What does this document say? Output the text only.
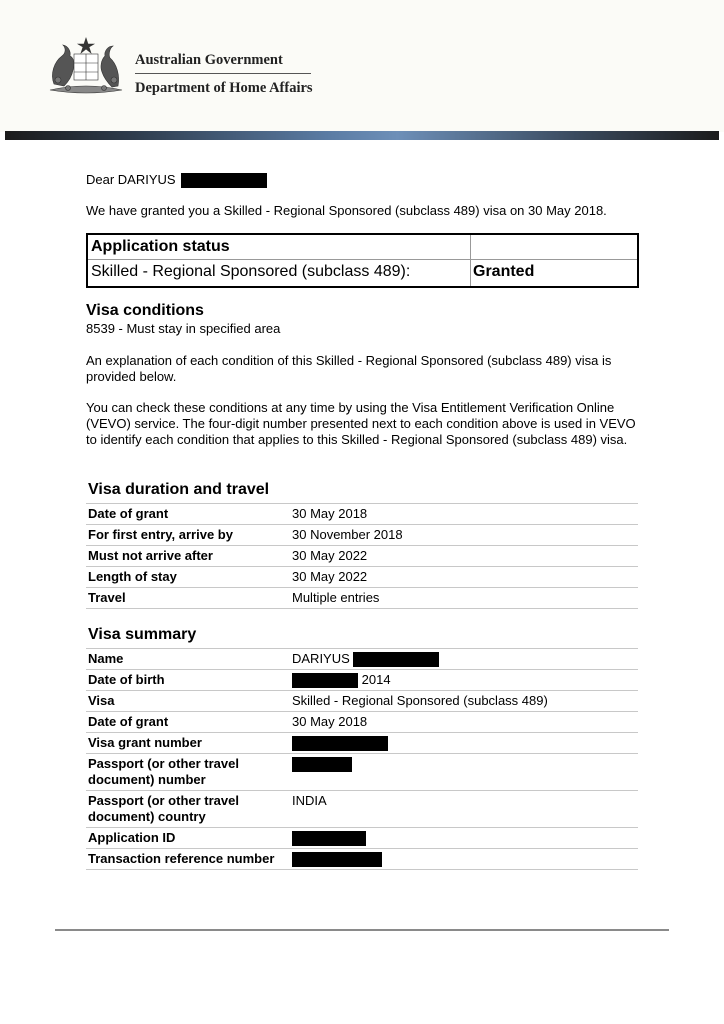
Australian Government
Department of Home Affairs
Dear DARIYUS

We have granted you a Skilled - Regional Sponsored (subclass 489) visa on 30 May 2018.

Application status
Skilled - Regional Sponsored (subclass 489):	Granted
Visa conditions
8539 - Must stay in specified area

An explanation of each condition of this Skilled - Regional Sponsored (subclass 489) visa is provided below.

You can check these conditions at any time by using the Visa Entitlement Verification Online (VEVO) service. The four-digit number presented next to each condition above is used in VEVO to identify each condition that applies to this Skilled - Regional Sponsored (subclass 489) visa.

Visa duration and travel
Date of grant	30 May 2018
For first entry, arrive by	30 November 2018
Must not arrive after	30 May 2022
Length of stay	30 May 2022
Travel	Multiple entries
Visa summary
Name	DARIYUS
Date of birth	2014
Visa	Skilled - Regional Sponsored (subclass 489)
Date of grant	30 May 2018
Visa grant number	
Passport (or other travel document) number	
Passport (or other travel document) country	INDIA
Application ID	
Transaction reference number	
